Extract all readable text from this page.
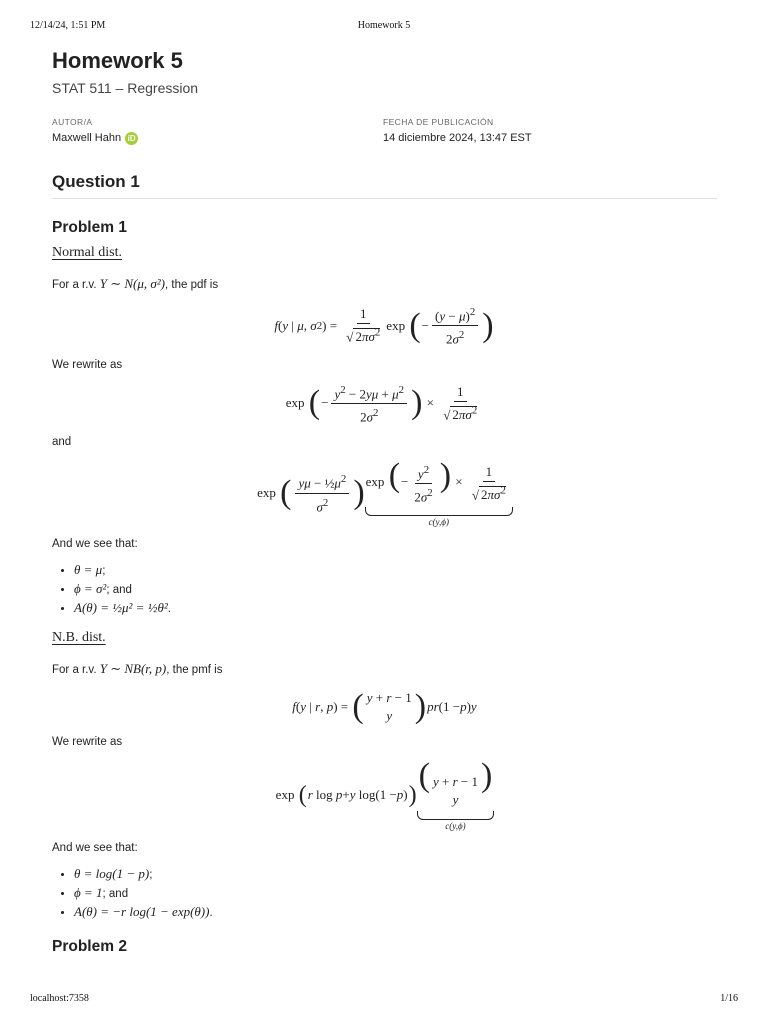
12/14/24, 1:51 PM	Homework 5
Homework 5
STAT 511 – Regression
AUTOR/A
Maxwell Hahn iD
FECHA DE PUBLICACIÓN
14 diciembre 2024, 13:47 EST
Question 1
Problem 1
Normal dist.

For a r.v. Y ∼ N(μ, σ²), the pdf is

f ( y | μ , σ 2 ) = $\frac{1}{√ 2\pi\sigma^2}$ exp ( − $\frac{(y - \mu)^2}{2\sigma^2}$ )

We rewrite as

exp ( − $\frac{y^2 - 2y\mu + \mu^2}{2\sigma^2}$ ) × $\frac{1}{√ 2\pi\sigma^2}$

and

exp ( $\frac{y\mu - \frac{1}{2}\mu^2}{\sigma^2}$ ) exp (− $\frac{y^2}{2\sigma^2}$ ) × $\frac{1}{√ 2\pi\sigma^2}$
c(y,ϕ)

And we see that:

• θ = μ;
• ϕ = σ²; and
• A(θ) = ½μ² = ½θ².
N.B. dist.

For a r.v. Y ∼ NB(r, p), the pmf is

f ( y | r , p ) = ( y + r − 1
y ) p r (1 − p ) y

We rewrite as

exp ( r log p + y log(1 − p ) )
( y + r − 1
y
)
c(y,ϕ)

And we see that:

• θ = log(1 − p);
• ϕ = 1; and
• A(θ) = −r log(1 − exp(θ)).
Problem 2
localhost:7358	1/16
